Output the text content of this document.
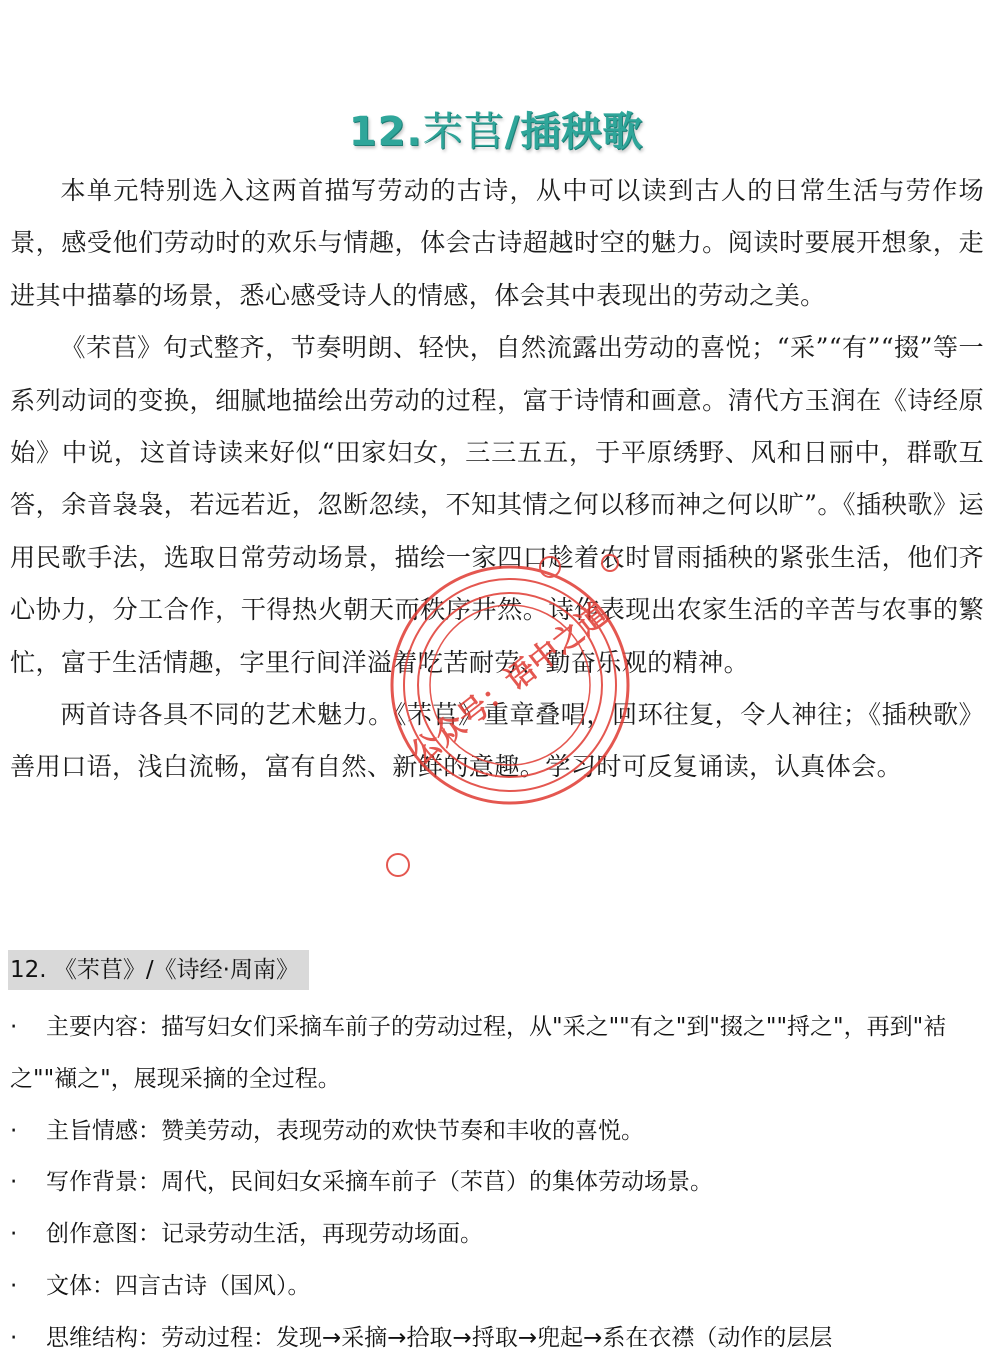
12.芣苢/插秧歌

本单元特别选入这两首描写劳动的古诗，从中可以读到古人的日常生活与劳作场景，感受他们劳动时的欢乐与情趣，体会古诗超越时空的魅力。阅读时要展开想象，走进其中描摹的场景，悉心感受诗人的情感，体会其中表现出的劳动之美。

《芣苢》句式整齐，节奏明朗、轻快，自然流露出劳动的喜悦；“采”“有”“掇”等一系列动词的变换，细腻地描绘出劳动的过程，富于诗情和画意。清代方玉润在《诗经原始》中说，这首诗读来好似“田家妇女，三三五五，于平原绣野、风和日丽中，群歌互答，余音袅袅，若远若近，忽断忽续，不知其情之何以移而神之何以旷”。《插秧歌》运用民歌手法，选取日常劳动场景，描绘一家四口趁着农时冒雨插秧的紧张生活，他们齐心协力，分工合作，干得热火朝天而秩序井然。诗作表现出农家生活的辛苦与农事的繁忙，富于生活情趣，字里行间洋溢着吃苦耐劳、勤奋乐观的精神。

两首诗各具不同的艺术魅力。《芣苢》重章叠唱，回环往复，令人神往；《插秧歌》善用口语，浅白流畅，富有自然、新鲜的意趣。学习时可反复诵读，认真体会。

12. 《芣苢》/《诗经·周南》

· 主要内容：描写妇女们采摘车前子的劳动过程，从"采之""有之"到"掇之""捋之"，再到"袺之""襭之"，展现采摘的全过程。

· 主旨情感：赞美劳动，表现劳动的欢快节奏和丰收的喜悦。

· 写作背景：周代，民间妇女采摘车前子（芣苢）的集体劳动场景。

· 创作意图：记录劳动生活，再现劳动场面。

· 文体：四言古诗（国风）。

· 思维结构：劳动过程：发现→采摘→拾取→捋取→兜起→系在衣襟（动作的层层

公众号：语中之道
